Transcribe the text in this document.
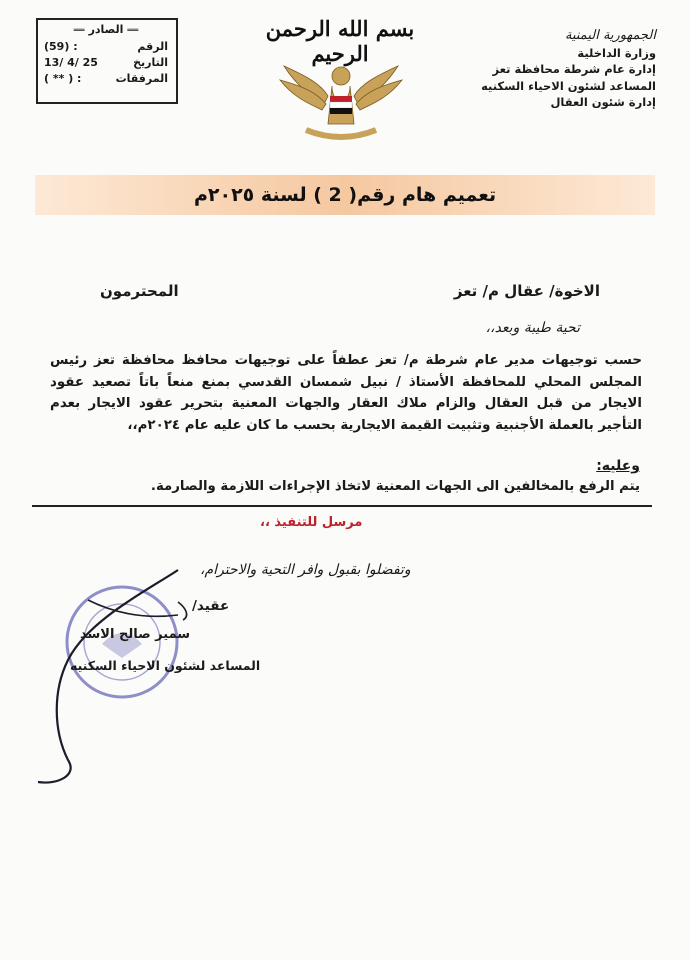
══ الصادر ══
الرقم
: (59)
التاريخ
13/ 4/ 25
المرفقات
: ( ** )
بسم الله الرحمن الرحيم
الجمهورية اليمنية
وزارة الداخلية
إدارة عام شرطة محافظة تعز
المساعد لشئون الاحياء السكنيه
إدارة شئون العقال
تعميم هام رقم( 2 ) لسنة ٢٠٢٥م
الاخوة/ عقال م/ تعز
المحترمون
تحية طيبة وبعد،،
حسب توجيهات مدير عام شرطة م/ تعز عطفاً على توجيهات محافظ محافظة تعز رئيس المجلس المحلي للمحافظة الأستاذ / نبيل شمسان القدسي بمنع منعاً باتاً تصعيد عقود الايجار من قبل العقال والزام ملاك العقار والجهات المعنية بتحرير عقود الايجار بعدم التأجير بالعملة الأجنبية وتثبيت القيمة الايجارية بحسب ما كان عليه عام ٢٠٢٤م،،
وعليه:
يتم الرفع بالمخالفين الى الجهات المعنية لاتخاذ الإجراءات اللازمة والصارمة.
مرسل للتنفيذ ،،
وتفضلوا بقبول وافر التحية والاحترام،
عقيد/
سمير صالح الاسد
المساعد لشئون الاحياء السكنيه
